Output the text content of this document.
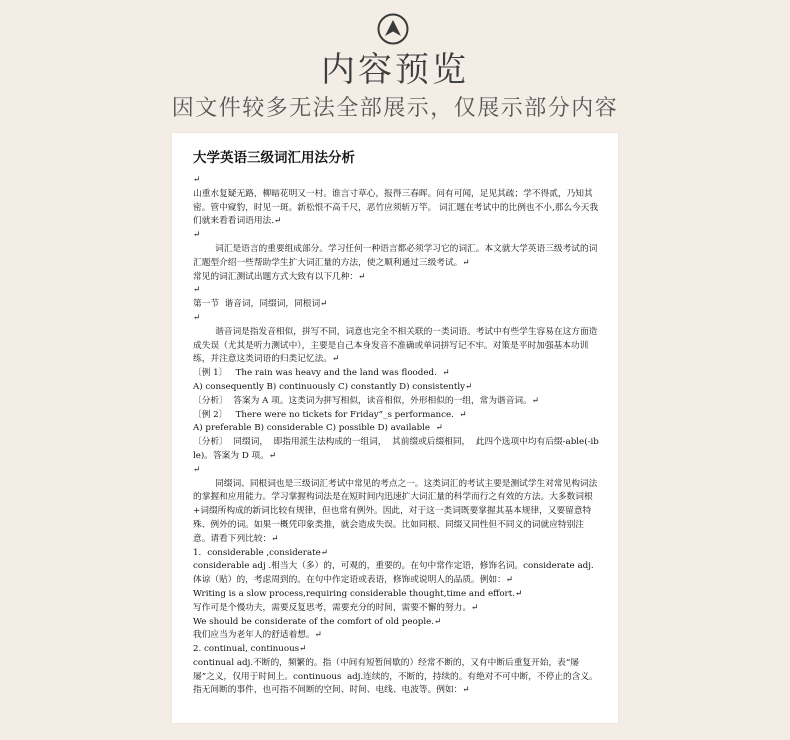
内容预览
因文件较多无法全部展示，仅展示部分内容
大学英语三级词汇用法分析

↵

山重水复疑无路，柳暗花明又一村。谁言寸草心，报得三春晖。问有可闻，足见其疏；学不得贰，乃知其密。管中窥豹，时见一斑。新松恨不高千尺，恶竹应须斩万竿。 词汇题在考试中的比例也不小,那么今天我们就来看看词语用法.↵

↵

词汇是语言的重要组成部分。学习任何一种语言都必须学习它的词汇。本文就大学英语三级考试的词汇题型介绍一些帮助学生扩大词汇量的方法，使之顺利通过三级考试。↵

常见的词汇测试出题方式大致有以下几种：↵

↵

第一节  谐音词，同缀词，同根词↵

↵

谐音词是指发音相似，拼写不同，词意也完全不相关联的一类词语。考试中有些学生容易在这方面造成失误（尤其是听力测试中），主要是自己本身发音不准确或单词拼写记不牢。对策是平时加强基本功训练，并注意这类词语的归类记忆法。↵

〔例 1〕   The rain was heavy and the land was flooded.  ↵

A) consequently B) continuously C) constantly D) consistently↵

〔分析〕  答案为 A 项。这类词为拼写相似，读音相似，外形相似的一组，常为谐音词。↵

〔例 2〕   There were no tickets for Friday”_s performance.  ↵

A) preferable B) considerable C) possible D) available  ↵

〔分析〕  同缀词，  即指用派生法构成的一组词，  其前缀或后缀相同，  此四个选项中均有后缀-able(-ible)。答案为 D 项。↵

↵

同缀词、同根词也是三级词汇考试中常见的考点之一。这类词汇的考试主要是测试学生对常见构词法的掌握和应用能力。学习掌握构词法是在短时间内迅速扩大词汇量的科学而行之有效的方法。大多数词根+词缀所构成的新词比较有规律，但也常有例外。因此，对于这一类词既要掌握其基本规律，又要留意特殊、例外的词。如果一概凭印象类推，就会造成失误。比如同根、同缀又同性但不同义的词就应特别注意。请看下列比较：↵

1．considerable ,considerate↵

considerable adj .相当大（多）的，可观的，重要的。在句中常作定语，修饰名词。considerate adj.体谅（贴）的，考虑周到的。在句中作定语或表语，修饰或说明人的品质。例如：↵

Writing is a slow process,requiring considerable thought,time and effort.↵

写作可是个慢功夫，需要反复思考，需要充分的时间，需要不懈的努力。↵

We should be considerate of the comfort of old people.↵

我们应当为老年人的舒适着想。↵

2. continual, continuous↵

continual adj.不断的，频繁的。指（中间有短暂间歇的）经常不断的，又有中断后重复开始，表“屡屡”之义，仅用于时间上。continuous  adj.连续的，不断的，持续的。有绝对不可中断，不停止的含义。指无间断的事件，也可指不间断的空间、时间、电线、电波等。例如：↵
